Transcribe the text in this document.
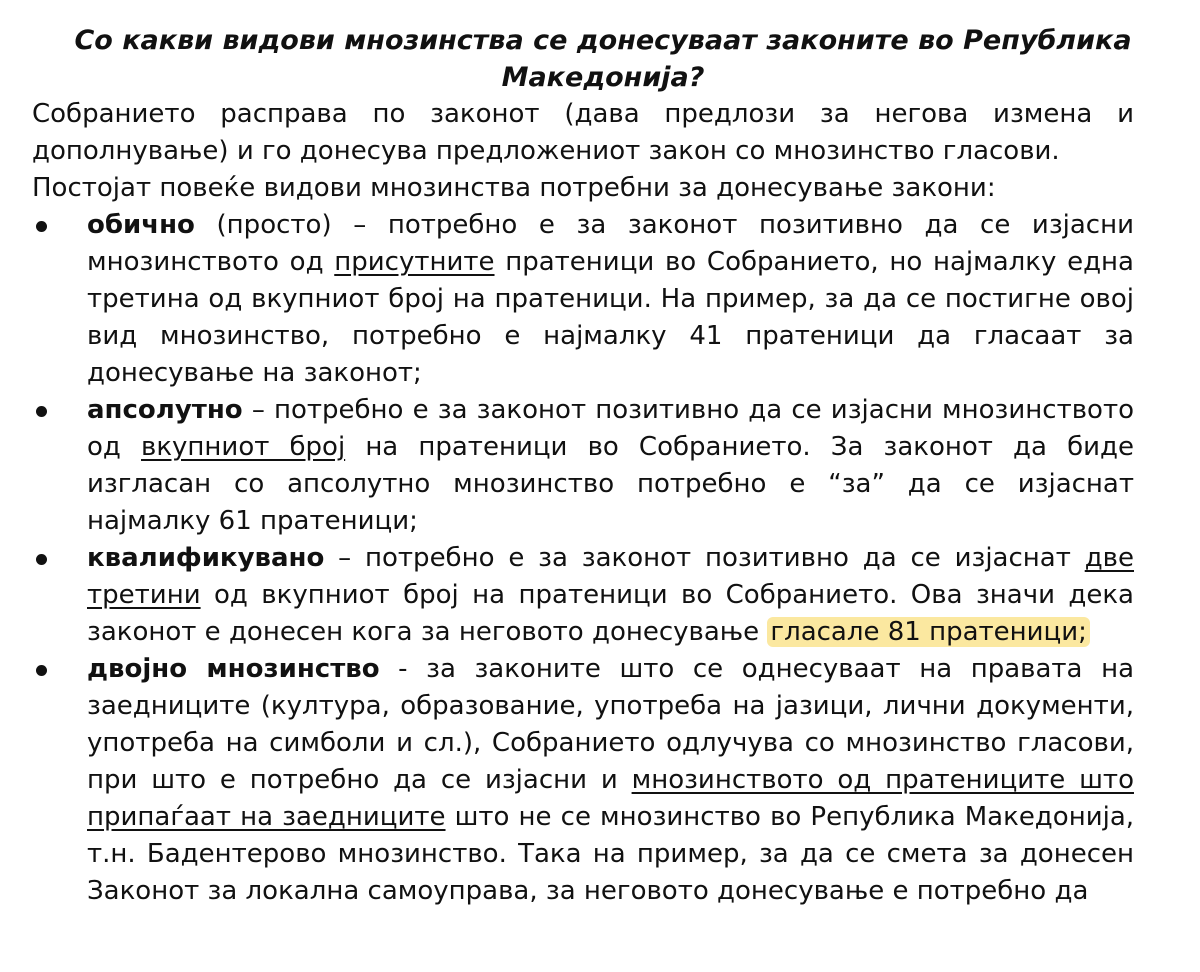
Со какви видови мнозинства се донесуваат законите во Република Македонија?

Собранието расправа по законот (дава предлози за негова измена и дополнување) и го донесува предложениот закон со мнозинство гласови.

Постојат повеќе видови мнозинства потребни за донесување закони:

обично (просто) – потребно е за законот позитивно да се изјасни мнозинството од присутните пратеници во Собранието, но најмалку една третина од вкупниот број на пратеници. На пример, за да се постигне овој вид мнозинство, потребно е најмалку 41 пратеници да гласаат за донесување на законот;
апсолутно – потребно е за законот позитивно да се изјасни мнозинството од вкупниот број на пратеници во Собранието. За законот да биде изгласан со апсолутно мнозинство потребно е “за” да се изјаснат најмалку 61 пратеници;
квалификувано – потребно е за законот позитивно да се изјаснат две третини од вкупниот број на пратеници во Собранието. Ова значи дека законот е донесен кога за неговото донесување гласале 81 пратеници;
двојно мнозинство - за законите што се однесуваат на правата на заедниците (култура, образование, употреба на јазици, лични документи, употреба на симболи и сл.), Собранието одлучува со мнозинство гласови, при што е потребно да се изјасни и мнозинството од пратениците што припаѓаат на заедниците што не се мнозинство во Република Македонија, т.н. Бадентерово мнозинство. Така на пример, за да се смета за донесен Законот за локална самоуправа, за неговото донесување е потребно да
